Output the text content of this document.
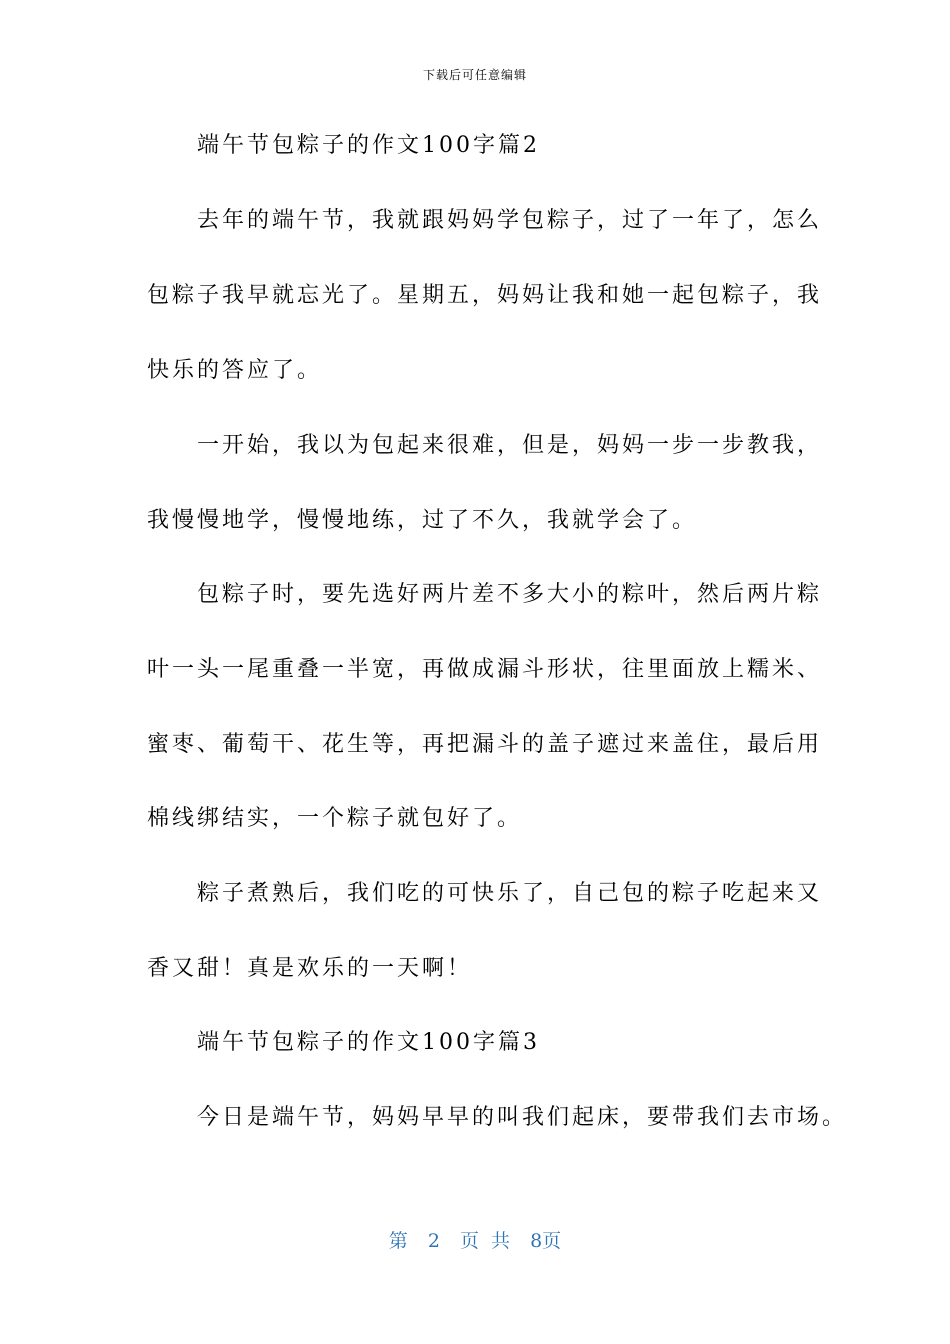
下载后可任意编辑
　　端午节包粽子的作文100字篇2
　　去年的端午节，我就跟妈妈学包粽子，过了一年了，怎么
包粽子我早就忘光了。星期五，妈妈让我和她一起包粽子，我
快乐的答应了。
　　一开始，我以为包起来很难，但是，妈妈一步一步教我，
我慢慢地学，慢慢地练，过了不久，我就学会了。
　　包粽子时，要先选好两片差不多大小的粽叶，然后两片粽
叶一头一尾重叠一半宽，再做成漏斗形状，往里面放上糯米、
蜜枣、葡萄干、花生等，再把漏斗的盖子遮过来盖住，最后用
棉线绑结实，一个粽子就包好了。
　　粽子煮熟后，我们吃的可快乐了，自己包的粽子吃起来又
香又甜！真是欢乐的一天啊！
　　端午节包粽子的作文100字篇3
　　今日是端午节，妈妈早早的叫我们起床，要带我们去市场。
第 2 页 共 8页
